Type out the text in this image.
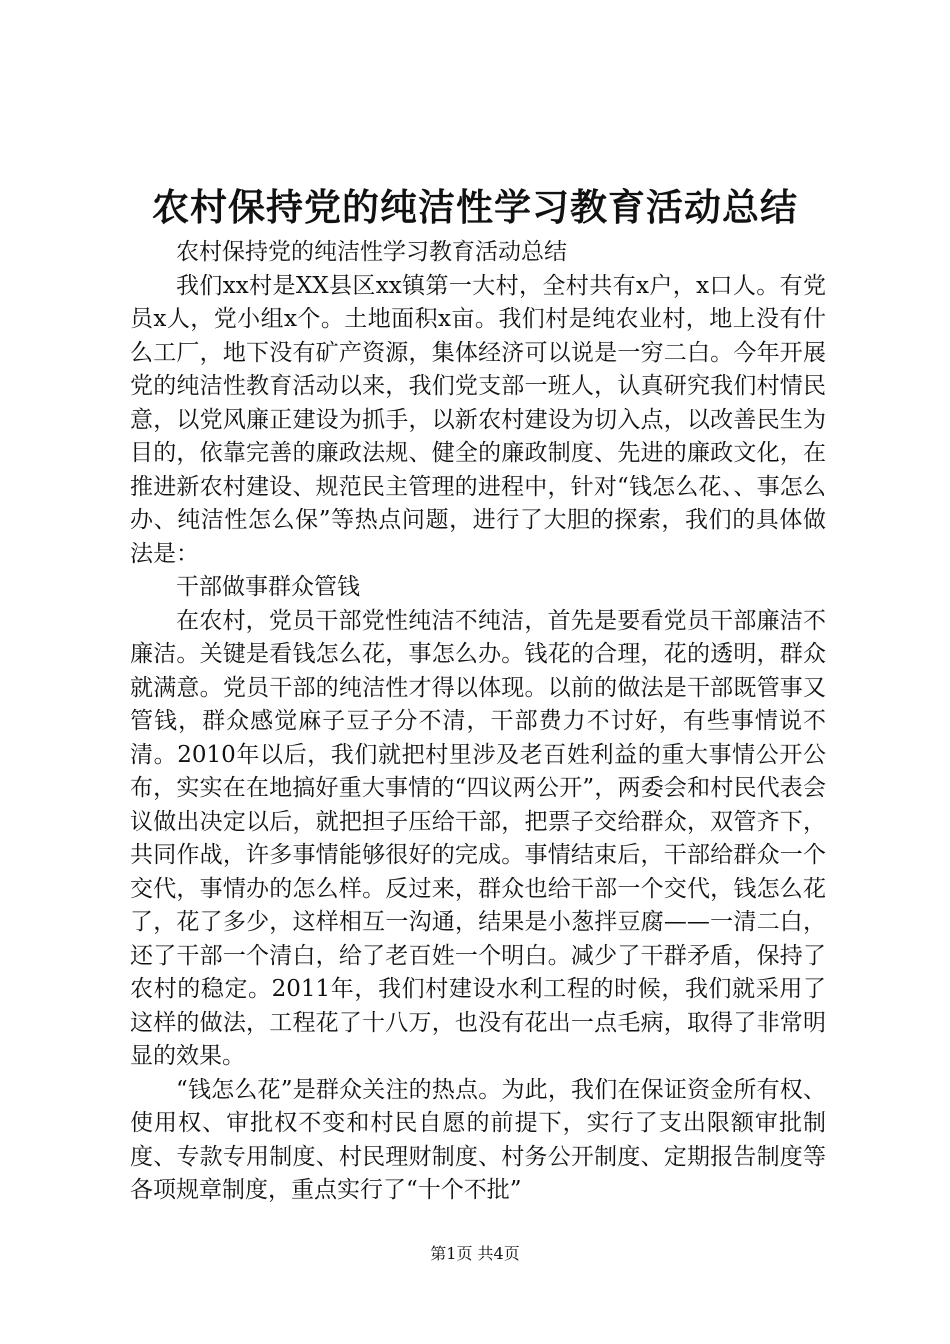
农村保持党的纯洁性学习教育活动总结

农村保持党的纯洁性学习教育活动总结

我们xx村是XX县区xx镇第一大村，全村共有x户，x口人。有党员x人，党小组x个。土地面积x亩。我们村是纯农业村，地上没有什么工厂，地下没有矿产资源，集体经济可以说是一穷二白。今年开展党的纯洁性教育活动以来，我们党支部一班人，认真研究我们村情民意，以党风廉正建设为抓手，以新农村建设为切入点，以改善民生为目的，依靠完善的廉政法规、健全的廉政制度、先进的廉政文化，在推进新农村建设、规范民主管理的进程中，针对“钱怎么花、、事怎么办、纯洁性怎么保”等热点问题，进行了大胆的探索，我们的具体做法是：

干部做事群众管钱

在农村，党员干部党性纯洁不纯洁，首先是要看党员干部廉洁不廉洁。关键是看钱怎么花，事怎么办。钱花的合理，花的透明，群众就满意。党员干部的纯洁性才得以体现。以前的做法是干部既管事又管钱，群众感觉麻子豆子分不清，干部费力不讨好，有些事情说不清。2010年以后，我们就把村里涉及老百姓利益的重大事情公开公布，实实在在地搞好重大事情的“四议两公开”，两委会和村民代表会议做出决定以后，就把担子压给干部，把票子交给群众，双管齐下，共同作战，许多事情能够很好的完成。事情结束后，干部给群众一个交代，事情办的怎么样。反过来，群众也给干部一个交代，钱怎么花了，花了多少，这样相互一沟通，结果是小葱拌豆腐——一清二白，还了干部一个清白，给了老百姓一个明白。减少了干群矛盾，保持了农村的稳定。2011年，我们村建设水利工程的时候，我们就采用了这样的做法，工程花了十八万，也没有花出一点毛病，取得了非常明显的效果。

“钱怎么花”是群众关注的热点。为此，我们在保证资金所有权、使用权、审批权不变和村民自愿的前提下，实行了支出限额审批制度、专款专用制度、村民理财制度、村务公开制度、定期报告制度等各项规章制度，重点实行了“十个不批”

第1页 共4页
